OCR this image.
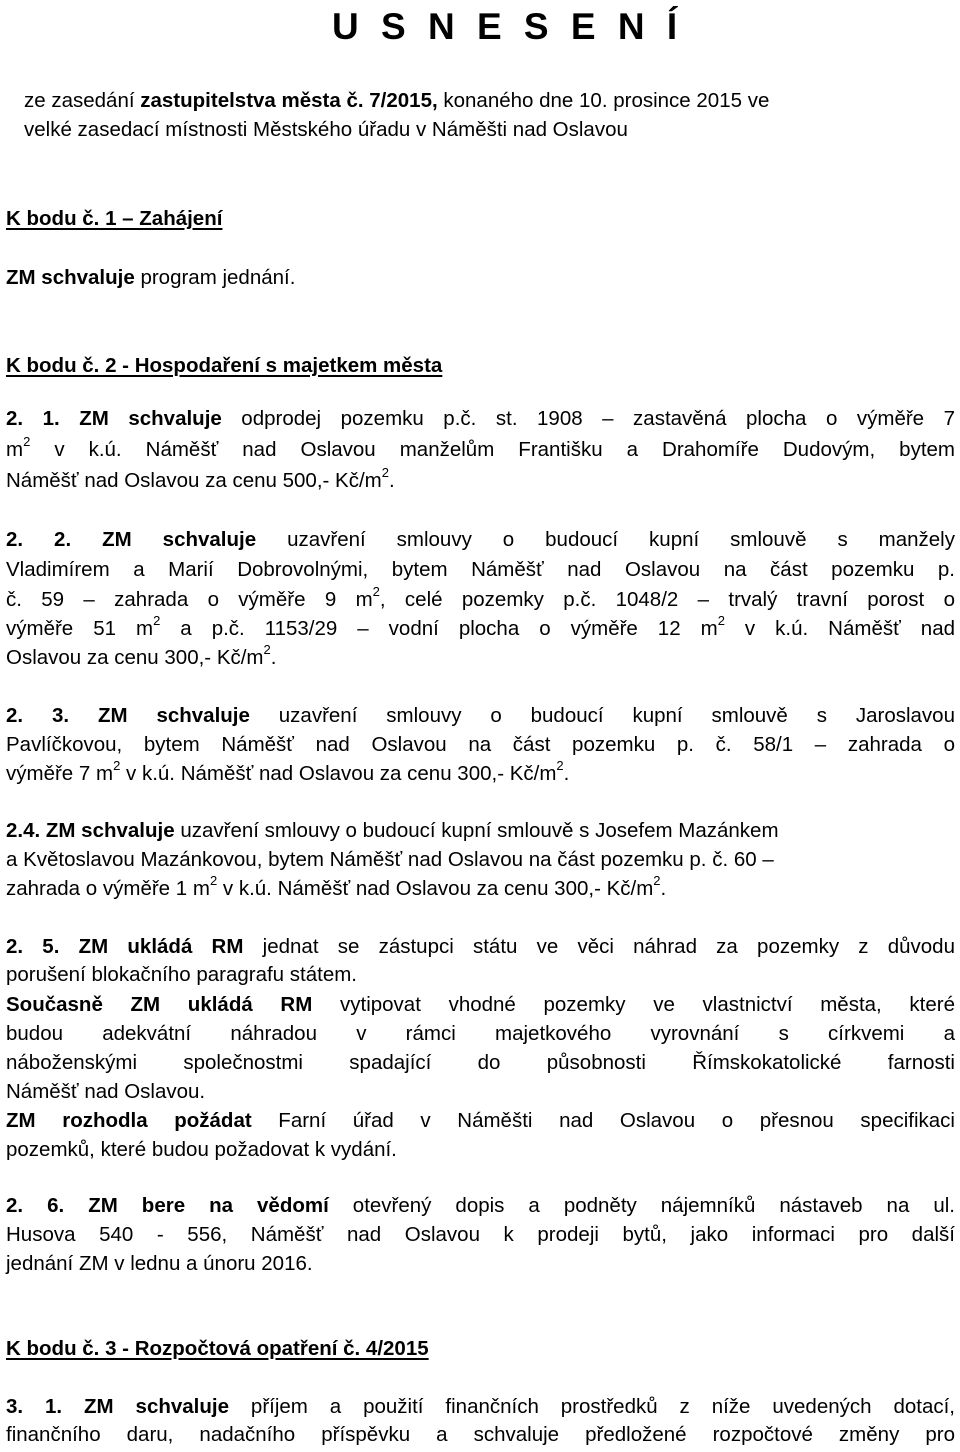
U S N E S E N Í

ze zasedání zastupitelstva města č. 7/2015, konaného dne 10. prosince 2015 ve

velké zasedací místnosti Městského úřadu v Náměšti nad Oslavou

K bodu č. 1 – Zahájení

ZM schvaluje program jednání.

K bodu č. 2 - Hospodaření s majetkem města

2. 1. ZM schvaluje odprodej pozemku p.č. st. 1908 – zastavěná plocha o výměře 7

$m^2$ v k.ú. Náměšť nad Oslavou manželům Františku a Drahomíře Dudovým, bytem

Náměšť nad Oslavou za cenu 500,- $Kč/m^2$.

2. 2. ZM schvaluje uzavření smlouvy o budoucí kupní smlouvě s manžely

Vladimírem a Marií Dobrovolnými, bytem Náměšť nad Oslavou na část pozemku p.

č. 59 – zahrada o výměře 9 $m^2$, celé pozemky p.č. 1048/2 – trvalý travní porost o

výměře 51 $m^2$ a p.č. 1153/29 – vodní plocha o výměře 12 $m^2$ v k.ú. Náměšť nad

Oslavou za cenu 300,- $Kč/m^2$.

2. 3. ZM schvaluje uzavření smlouvy o budoucí kupní smlouvě s Jaroslavou

Pavlíčkovou, bytem Náměšť nad Oslavou na část pozemku p. č. 58/1 – zahrada o

výměře 7 $m^2$ v k.ú. Náměšť nad Oslavou za cenu 300,- $Kč/m^2$.

2.4. ZM schvaluje uzavření smlouvy o budoucí kupní smlouvě s Josefem Mazánkem

a Květoslavou Mazánkovou, bytem Náměšť nad Oslavou na část pozemku p. č. 60 –

zahrada o výměře 1 $m^2$ v k.ú. Náměšť nad Oslavou za cenu 300,- $Kč/m^2$.

2. 5. ZM ukládá RM jednat se zástupci státu ve věci náhrad za pozemky z důvodu

porušení blokačního paragrafu státem.

Současně ZM ukládá RM vytipovat vhodné pozemky ve vlastnictví města, které

budou adekvátní náhradou v rámci majetkového vyrovnání s církvemi a

náboženskými společnostmi spadající do působnosti Římskokatolické farnosti

Náměšť nad Oslavou.

ZM rozhodla požádat Farní úřad v Náměšti nad Oslavou o přesnou specifikaci

pozemků, které budou požadovat k vydání.

2. 6. ZM bere na vědomí otevřený dopis a podněty nájemníků nástaveb na ul.

Husova 540 - 556, Náměšť nad Oslavou k prodeji bytů, jako informaci pro další

jednání ZM v lednu a únoru 2016.

K bodu č. 3 - Rozpočtová opatření č. 4/2015

3. 1. ZM schvaluje příjem a použití finančních prostředků z níže uvedených dotací,

finančního daru, nadačního příspěvku a schvaluje předložené rozpočtové změny pro
